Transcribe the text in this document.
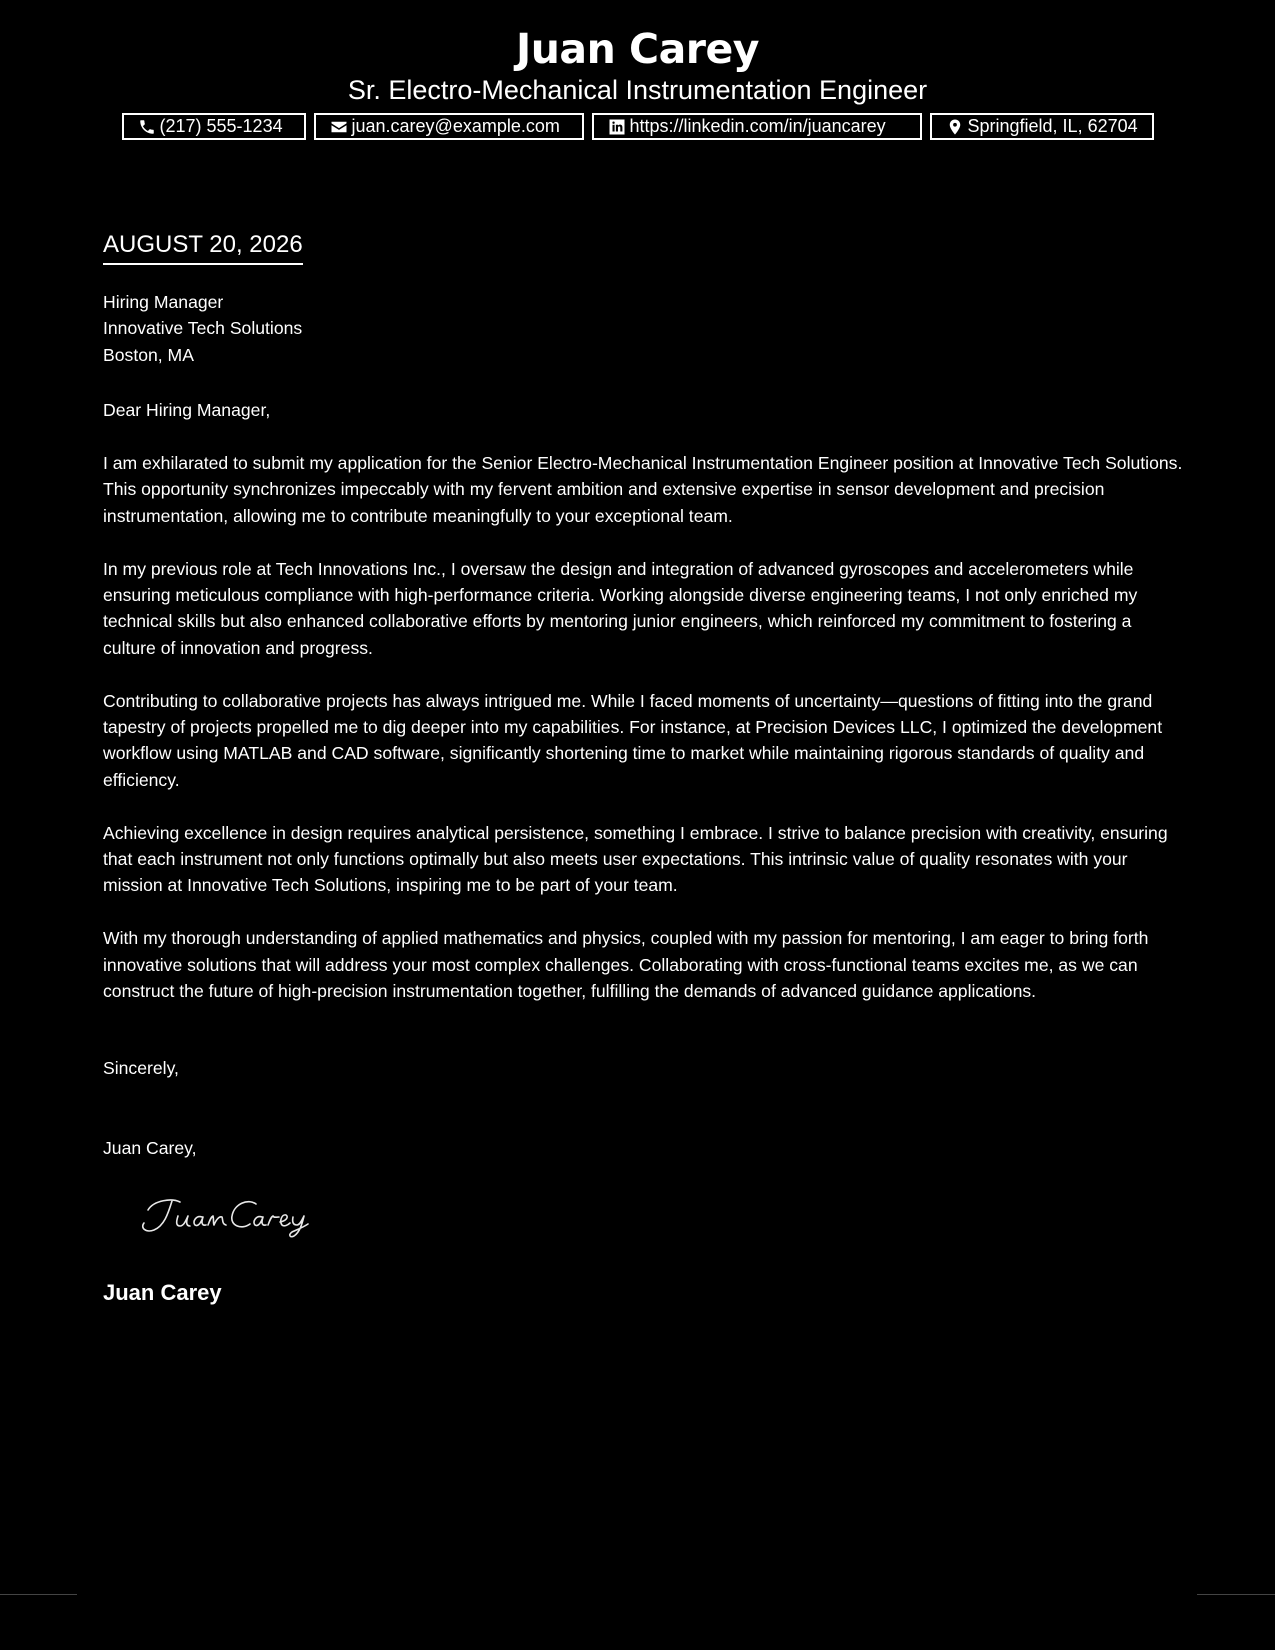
Juan Carey
Sr. Electro-Mechanical Instrumentation Engineer
(217) 555-1234	juan.carey@example.com	https://linkedin.com/in/juancarey	Springfield, IL, 62704
AUGUST 20, 2026
Hiring Manager
Innovative Tech Solutions
Boston, MA
Dear Hiring Manager,

I am exhilarated to submit my application for the Senior Electro-Mechanical Instrumentation Engineer position at Innovative Tech Solutions. This opportunity synchronizes impeccably with my fervent ambition and extensive expertise in sensor development and precision instrumentation, allowing me to contribute meaningfully to your exceptional team.

In my previous role at Tech Innovations Inc., I oversaw the design and integration of advanced gyroscopes and accelerometers while ensuring meticulous compliance with high-performance criteria. Working alongside diverse engineering teams, I not only enriched my technical skills but also enhanced collaborative efforts by mentoring junior engineers, which reinforced my commitment to fostering a culture of innovation and progress.

Contributing to collaborative projects has always intrigued me. While I faced moments of uncertainty—questions of fitting into the grand tapestry of projects propelled me to dig deeper into my capabilities. For instance, at Precision Devices LLC, I optimized the development workflow using MATLAB and CAD software, significantly shortening time to market while maintaining rigorous standards of quality and efficiency.

Achieving excellence in design requires analytical persistence, something I embrace. I strive to balance precision with creativity, ensuring that each instrument not only functions optimally but also meets user expectations. This intrinsic value of quality resonates with your mission at Innovative Tech Solutions, inspiring me to be part of your team.

With my thorough understanding of applied mathematics and physics, coupled with my passion for mentoring, I am eager to bring forth innovative solutions that will address your most complex challenges. Collaborating with cross-functional teams excites me, as we can construct the future of high-precision instrumentation together, fulfilling the demands of advanced guidance applications.

Sincerely,
Juan Carey,
Juan Carey
